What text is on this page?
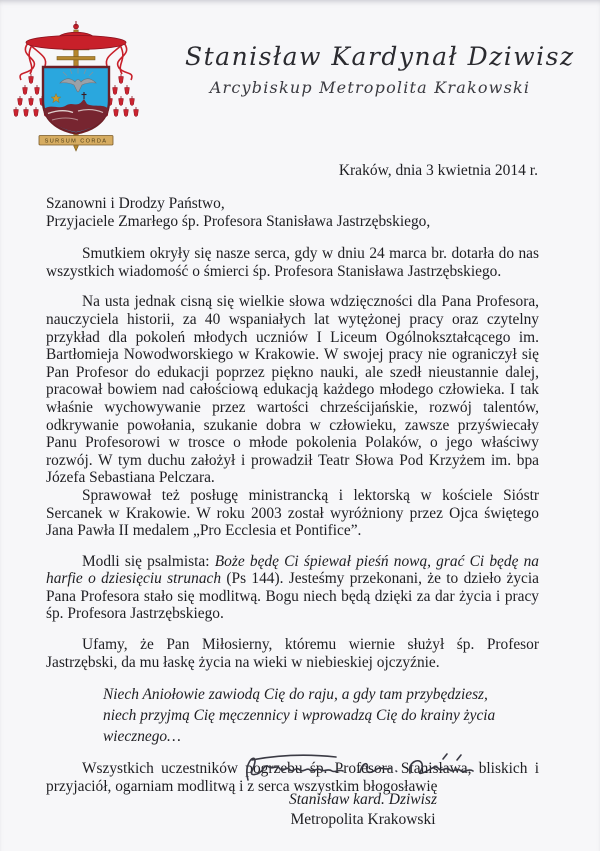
SURSUM CORDA
Stanisław Kardynał Dziwisz
Arcybiskup Metropolita Krakowski
Kraków, dnia 3 kwietnia 2014 r.

Szanowni i Drodzy Państwo,

Przyjaciele Zmarłego śp. Profesora Stanisława Jastrzębskiego,

Smutkiem okryły się nasze serca, gdy w dniu 24 marca br. dotarła do nas wszystkich wiadomość o śmierci śp. Profesora Stanisława Jastrzębskiego.

Na usta jednak cisną się wielkie słowa wdzięczności dla Pana Profesora, nauczyciela historii, za 40 wspaniałych lat wytężonej pracy oraz czytelny przykład dla pokoleń młodych uczniów I Liceum Ogólnokształcącego im. Bartłomieja Nowodworskiego w Krakowie. W swojej pracy nie ograniczył się Pan Profesor do edukacji poprzez piękno nauki, ale szedł nieustannie dalej, pracował bowiem nad całościową edukacją każdego młodego człowieka. I tak właśnie wychowywanie przez wartości chrześcijańskie, rozwój talentów, odkrywanie powołania, szukanie dobra w człowieku, zawsze przyświecały Panu Profesorowi w trosce o młode pokolenia Polaków, o jego właściwy rozwój. W tym duchu założył i prowadził Teatr Słowa Pod Krzyżem im. bpa Józefa Sebastiana Pelczara.

Sprawował też posługę ministrancką i lektorską w kościele Sióstr Sercanek w Krakowie. W roku 2003 został wyróżniony przez Ojca świętego Jana Pawła II medalem „Pro Ecclesia et Pontifice”.

Modli się psalmista: Boże będę Ci śpiewał pieśń nową, grać Ci będę na harfie o dziesięciu strunach (Ps 144). Jesteśmy przekonani, że to dzieło życia Pana Profesora stało się modlitwą. Bogu niech będą dzięki za dar życia i pracy śp. Profesora Jastrzębskiego.

Ufamy, że Pan Miłosierny, któremu wiernie służył śp. Profesor Jastrzębski, da mu łaskę życia na wieki w niebieskiej ojczyźnie.

Niech Aniołowie zawiodą Cię do raju, a gdy tam przybędziesz,

niech przyjmą Cię męczennicy i wprowadzą Cię do krainy życia wiecznego…

Wszystkich uczestników pogrzebu śp. Profesora Stanisława, bliskich i przyjaciół, ogarniam modlitwą i z serca wszystkim błogosławię

Stanisław kard. Dziwisz
Metropolita Krakowski
